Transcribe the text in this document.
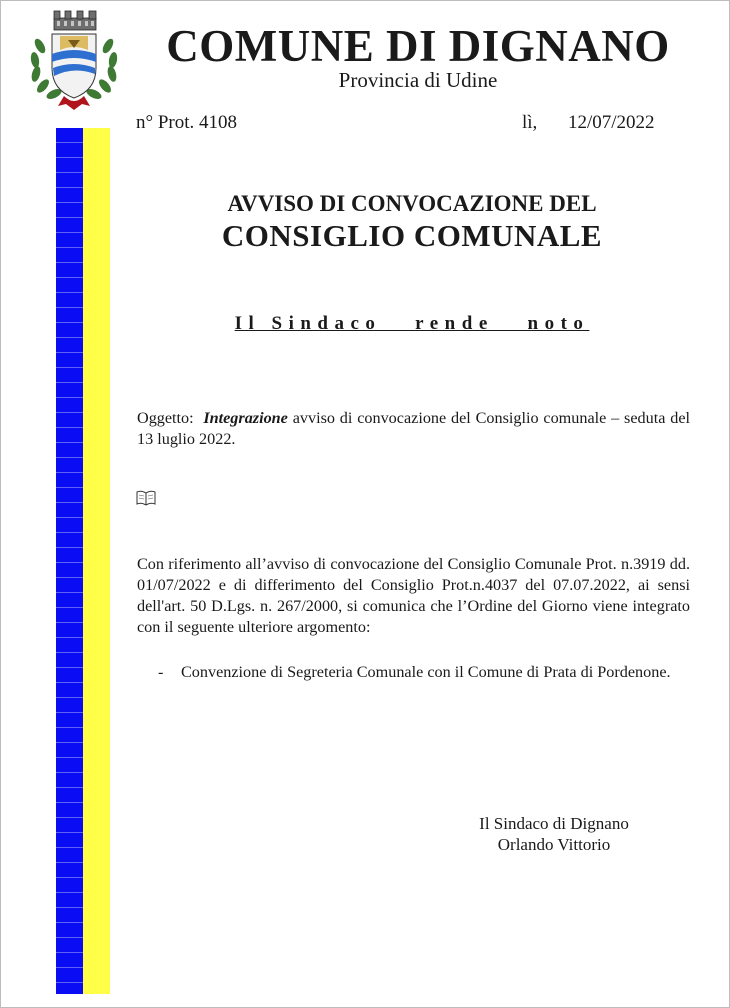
COMUNE DI DIGNANO
Provincia di Udine
n° Prot. 4108	lì, 12/07/2022
AVVISO DI CONVOCAZIONE DEL
CONSIGLIO COMUNALE
Il Sindaco   rende   noto
Oggetto: Integrazione avviso di convocazione del Consiglio comunale – seduta del 13 luglio 2022.
Con riferimento all’avviso di convocazione del Consiglio Comunale Prot. n.3919 dd. 01/07/2022 e di differimento del Consiglio Prot.n.4037 del 07.07.2022, ai sensi dell'art. 50 D.Lgs. n. 267/2000, si comunica che l’Ordine del Giorno viene integrato con il seguente ulteriore argomento:
- Convenzione di Segreteria Comunale con il Comune di Prata di Pordenone.
Il Sindaco di Dignano
Orlando Vittorio
